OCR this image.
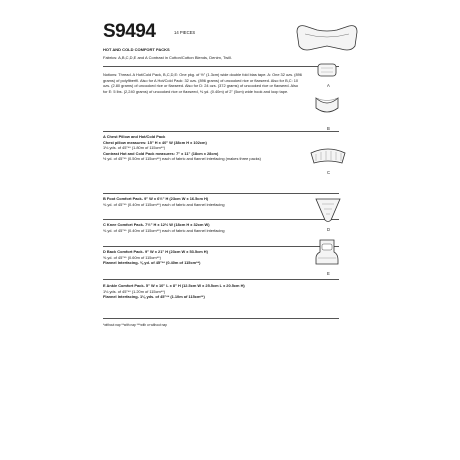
S9494	14 PIECES
HOT AND COLD COMFORT PACKS
Fabrics: A,B,C,D,E and A Contrast in Cotton/Cotton Blends, Denim, Twill.
Notions: Thread. A Hot/Cold Pack, B,C,D,E: One pkg. of ½" (1.3cm) wide double fold bias tape. A: One 32 ozs. (896 grams) of polyfiberfil. Also for A Hot/Cold Pack: 32 ozs. (896 grams) of uncooked rice or flaxseed. Also for B,C: 10 ozs. (2.80 grams) of uncooked rice or flaxseed. Also for D: 24 ozs. (372 grams) of uncooked rice or flaxseed. Also for E: 5 lbs. (2,240 grams) of uncooked rice or flaxseed, ⅜ yd. (0.40m) of 2" (5cm) wide hook and loop tape.
A Chest Pillow and Hot/Cold Pack
Chest pillow measures: 15" H x 40" W (38cm H x 102cm)
1⅛ yds. of 45"** (1.80m of 115cm**)
Contrast Hot and Cold Pack measures: 7" x 11" (18cm x 28cm)
½ yd. of 45"** (0.50m of 115cm**) each of fabric and flannel interfacing (makes three packs)
B Foot Comfort Pack- 9" W x 6½" H (23cm W x 16.5cm H)
⅜ yd. of 45"** (0.40m of 115cm**) each of fabric and flannel interfacing
C Knee Comfort Pack- 7½" H x 12½ W (18cm H x 32cm W)
⅜ yd. of 45"** (0.40m of 115cm**) each of fabric and flannel interfacing
D Back Comfort Pack- 9" W x 21" H (23cm W x 53.5cm H)
⅝ yd. of 45"** (0.60m of 115cm**)
Flannel Interfacing- ⅜ yd. of 45"** (0.40m of 115cm**)
E Ankle Comfort Pack- 5" W x 10" L x 8" H (12.5cm W x 25.5cm L x 20.5cm H)
1⅛ yds. of 45"** (1.20m of 115cm**)
Flannel Interfacing- 1⅛ yds. of 45"** (1.10m of 115cm**)
*without nap **with nap ***with or without nap
A
B
C
D
E
